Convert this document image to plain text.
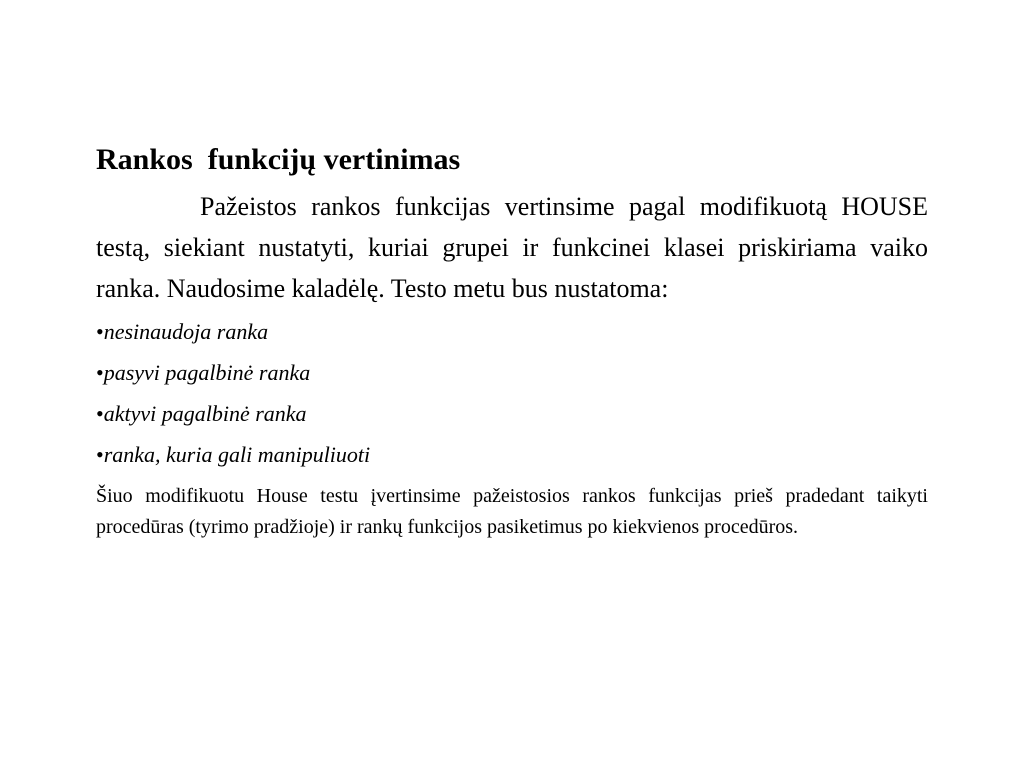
Rankos  funkcijų vertinimas

Pažeistos rankos funkcijas vertinsime pagal modifikuotą HOUSE testą, siekiant nustatyti, kuriai grupei ir funkcinei klasei priskiriama vaiko ranka. Naudosime kaladėlę. Testo metu bus nustatoma:

•nesinaudoja ranka
•pasyvi pagalbinė ranka
•aktyvi pagalbinė ranka
•ranka, kuria gali manipuliuoti

Šiuo modifikuotu House testu įvertinsime pažeistosios rankos funkcijas prieš pradedant taikyti procedūras (tyrimo pradžioje) ir rankų funkcijos pasiketimus po kiekvienos procedūros.
